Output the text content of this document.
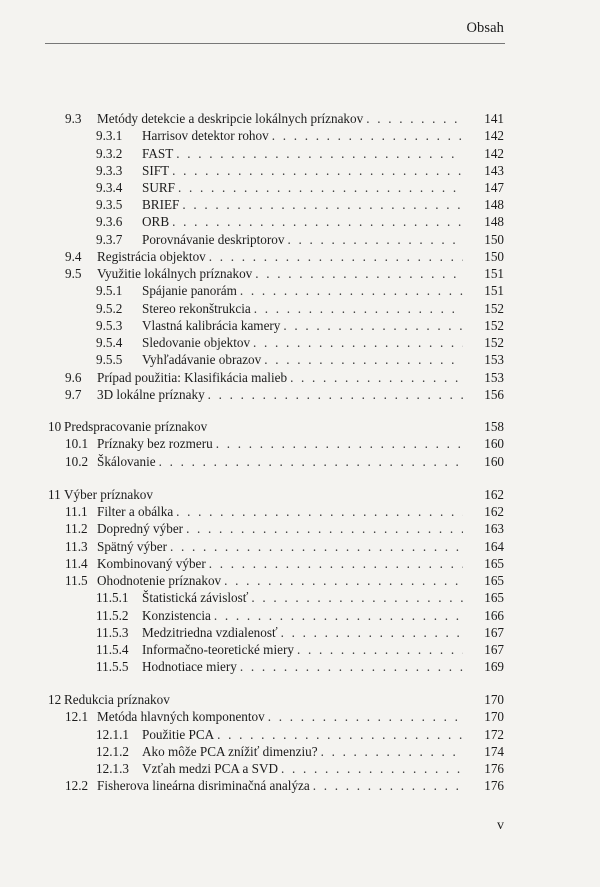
Obsah
9.3 Metódy detekcie a deskripcie lokálnych príznakov . . .	141
9.3.1 Harrisov detektor rohov . . .	142
9.3.2 FAST . . .	142
9.3.3 SIFT . . .	143
9.3.4 SURF . . .	147
9.3.5 BRIEF . . .	148
9.3.6 ORB . . .	148
9.3.7 Porovnávanie deskriptorov . . .	150
9.4 Registrácia objektov . . .	150
9.5 Využitie lokálnych príznakov . . .	151
9.5.1 Spájanie panorám . . .	151
9.5.2 Stereo rekonštrukcia . . .	152
9.5.3 Vlastná kalibrácia kamery . . .	152
9.5.4 Sledovanie objektov . . .	152
9.5.5 Vyhľadávanie obrazov . . .	153
9.6 Prípad použitia: Klasifikácia malieb . . .	153
9.7 3D lokálne príznaky . . .	156
10 Predspracovanie príznakov	158
10.1 Príznaky bez rozmeru . . .	160
10.2 Škálovanie . . .	160
11 Výber príznakov	162
11.1 Filter a obálka . . .	162
11.2 Dopredný výber . . .	163
11.3 Spätný výber . . .	164
11.4 Kombinovaný výber . . .	165
11.5 Ohodnotenie príznakov . . .	165
11.5.1 Štatistická závislosť . . .	165
11.5.2 Konzistencia . . .	166
11.5.3 Medzitriedna vzdialenosť . . .	167
11.5.4 Informačno-teoretické miery . . .	167
11.5.5 Hodnotiace miery . . .	169
12 Redukcia príznakov	170
12.1 Metóda hlavných komponentov . . .	170
12.1.1 Použitie PCA . . .	172
12.1.2 Ako môže PCA znížiť dimenziu? . . .	174
12.1.3 Vzťah medzi PCA a SVD . . .	176
12.2 Fisherova lineárna disriminačná analýza . . .	176
v
